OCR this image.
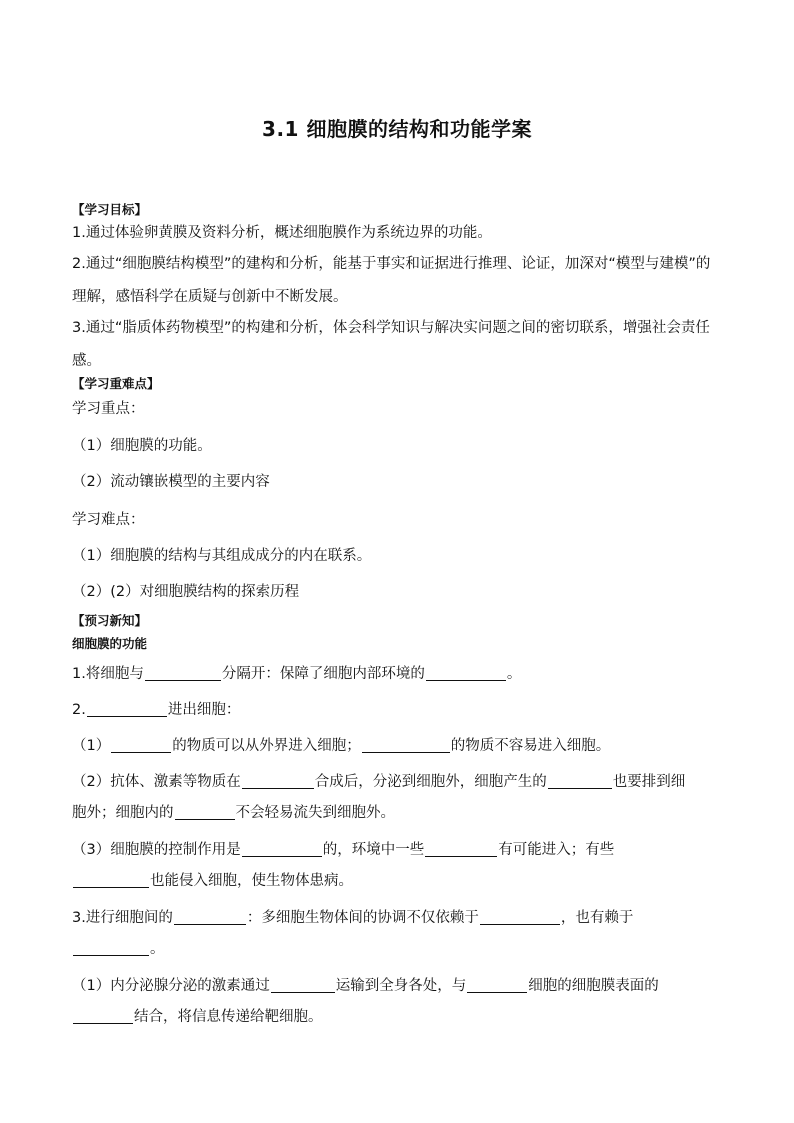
3.1 细胞膜的结构和功能学案
【学习目标】
1.通过体验卵黄膜及资料分析，概述细胞膜作为系统边界的功能。
2.通过“细胞膜结构模型”的建构和分析，能基于事实和证据进行推理、论证，加深对“模型与建模”的理解，感悟科学在质疑与创新中不断发展。
3.通过“脂质体药物模型”的构建和分析，体会科学知识与解决实问题之间的密切联系，增强社会责任感。
【学习重难点】
学习重点：
（1）细胞膜的功能。
（2）流动镶嵌模型的主要内容
学习难点：
（1）细胞膜的结构与其组成成分的内在联系。
（2）(2）对细胞膜结构的探索历程
【预习新知】
细胞膜的功能
1.将细胞与	分隔开：保障了细胞内部环境的	。
2.	进出细胞：
（1）	的物质可以从外界进入细胞；	的物质不容易进入细胞。
（2）抗体、激素等物质在	合成后，分泌到细胞外，细胞产生的	也要排到细
胞外；细胞内的	不会轻易流失到细胞外。
（3）细胞膜的控制作用是	的，环境中一些	有可能进入；有些
也能侵入细胞，使生物体患病。
3.进行细胞间的	：多细胞生物体间的协调不仅依赖于	，也有赖于
。
（1）内分泌腺分泌的激素通过	运输到全身各处，与	细胞的细胞膜表面的
结合，将信息传递给靶细胞。
